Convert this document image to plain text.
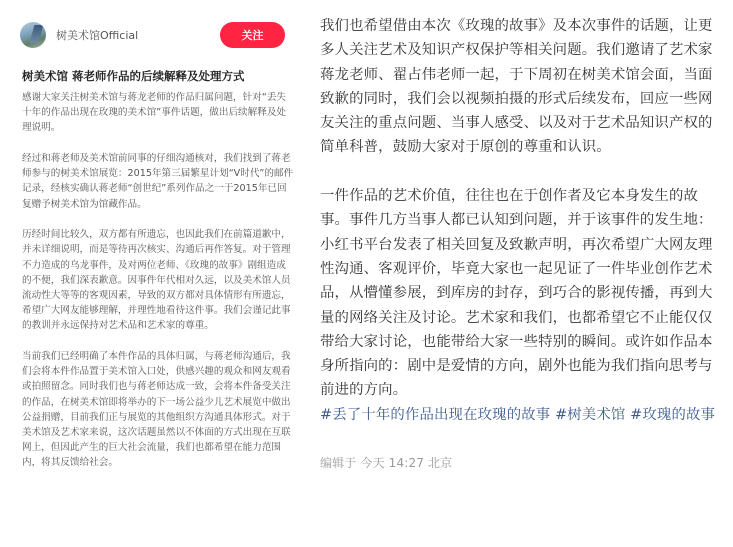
树美术馆Official	关注
树美术馆 蒋老师作品的后续解释及处理方式

感谢大家关注树美术馆与蒋龙老师的作品归属问题，针对“丢失十年的作品出现在玫瑰的美术馆”事件话题，做出后续解释及处理说明。

经过和蒋老师及美术馆前同事的仔细沟通核对，我们找到了蒋老师参与的树美术馆展览：2015年第三届繁星计划“V时代”的邮件记录，经核实确认蒋老师“创世纪”系列作品之一于2015年已回复赠予树美术馆为馆藏作品。

历经时间比较久，双方都有所遗忘，也因此我们在前篇道歉中，并未详细说明，而是等待再次核实、沟通后再作答复。对于管理不力造成的乌龙事件，及对两位老师、《玫瑰的故事》剧组造成的不便，我们深表歉意。因事件年代相对久远，以及美术馆人员流动性大等等的客观因素，导致的双方都对具体情形有所遗忘，希望广大网友能够理解，并理性地看待这件事。我们会谨记此事的教训并永远保持对艺术品和艺术家的尊重。

当前我们已经明确了本件作品的具体归属，与蒋老师沟通后，我们会将本件作品置于美术馆入口处，供感兴趣的观众和网友观看或拍照留念。同时我们也与蒋老师达成一致，会将本件备受关注的作品，在树美术馆即将举办的下一场公益少儿艺术展览中做出公益捐赠，目前我们正与展览的其他组织方沟通具体形式。对于美术馆及艺术家来说，这次话题虽然以不体面的方式出现在互联网上，但因此产生的巨大社会流量，我们也都希望在能力范围内，将其反馈给社会。

我们也希望借由本次《玫瑰的故事》及本次事件的话题，让更多人关注艺术及知识产权保护等相关问题。我们邀请了艺术家蒋龙老师、翟占伟老师一起，于下周初在树美术馆会面，当面致歉的同时，我们会以视频拍摄的形式后续发布，回应一些网友关注的重点问题、当事人感受、以及对于艺术品知识产权的简单科普，鼓励大家对于原创的尊重和认识。

一件作品的艺术价值，往往也在于创作者及它本身发生的故事。事件几方当事人都已认知到问题，并于该事件的发生地：小红书平台发表了相关回复及致歉声明，再次希望广大网友理性沟通、客观评价，毕竟大家也一起见证了一件毕业创作艺术品，从懵懂参展，到库房的封存，到巧合的影视传播，再到大量的网络关注及讨论。艺术家和我们，也都希望它不止能仅仅带给大家讨论，也能带给大家一些特别的瞬间。或许如作品本身所指向的：剧中是爱情的方向，剧外也能为我们指向思考与前进的方向。

#丢了十年的作品出现在玫瑰的故事 #树美术馆 #玫瑰的故事

编辑于 今天 14:27 北京
